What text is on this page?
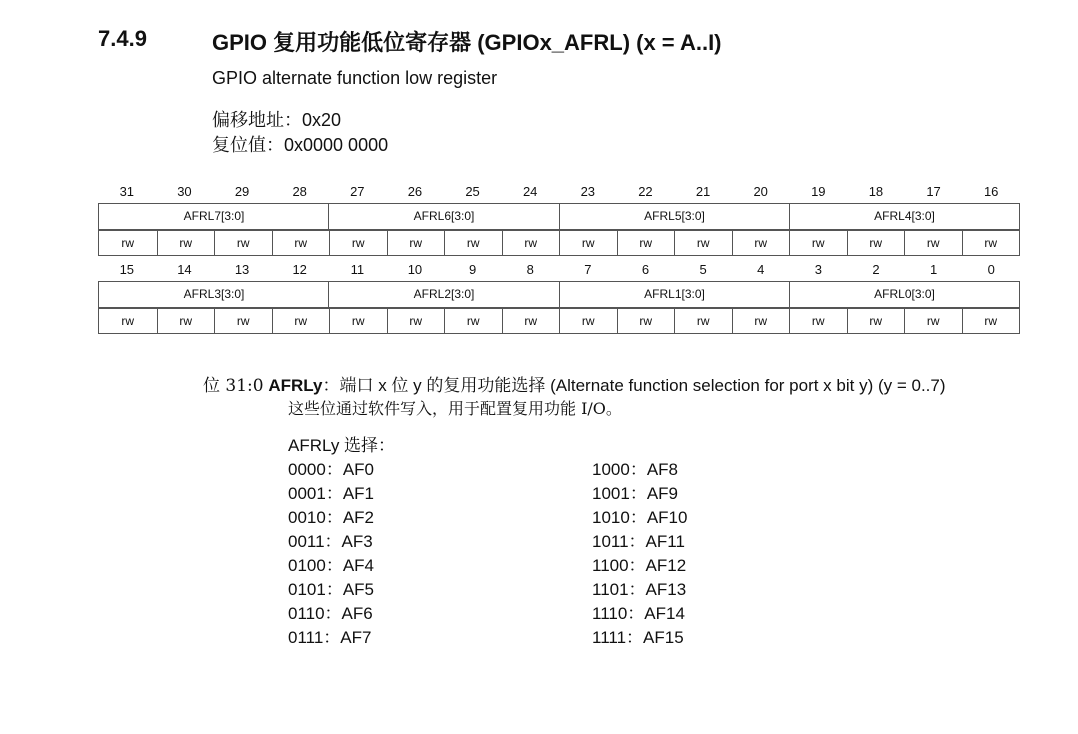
7.4.9	GPIO 复用功能低位寄存器 (GPIOx_AFRL) (x = A..I)
GPIO alternate function low register
偏移地址：0x20
复位值：0x0000 0000
31	30	29	28	27	26	25	24	23	22	21	20	19	18	17	16
AFRL7[3:0]	AFRL6[3:0]	AFRL5[3:0]	AFRL4[3:0]
rw	rw	rw	rw	rw	rw	rw	rw	rw	rw	rw	rw	rw	rw	rw	rw
15	14	13	12	11	10	9	8	7	6	5	4	3	2	1	0
AFRL3[3:0]	AFRL2[3:0]	AFRL1[3:0]	AFRL0[3:0]
rw	rw	rw	rw	rw	rw	rw	rw	rw	rw	rw	rw	rw	rw	rw	rw
位 31:0 AFRLy：端口 x 位 y 的复用功能选择 (Alternate function selection for port x bit y) (y = 0..7)
这些位通过软件写入，用于配置复用功能 I/O。
AFRLy 选择：
0000：AF0
0001：AF1
0010：AF2
0011：AF3
0100：AF4
0101：AF5
0110：AF6
0111：AF7
1000：AF8
1001：AF9
1010：AF10
1011：AF11
1100：AF12
1101：AF13
1110：AF14
1111：AF15
